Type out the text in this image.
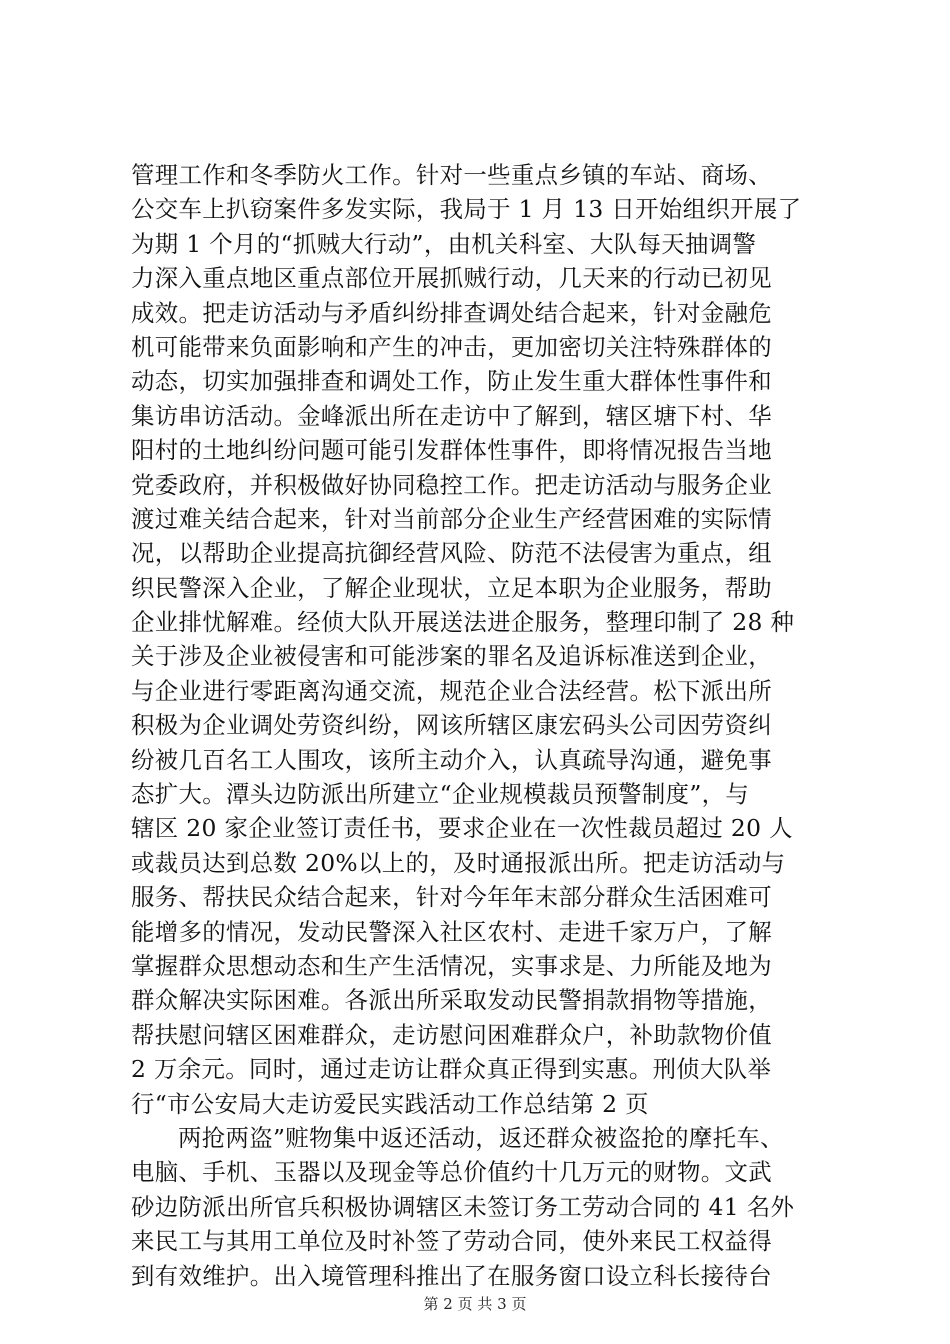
管理工作和冬季防火工作。针对一些重点乡镇的车站、商场、
公交车上扒窃案件多发实际，我局于 1 月 13 日开始组织开展了
为期 1 个月的“抓贼大行动”，由机关科室、大队每天抽调警
力深入重点地区重点部位开展抓贼行动，几天来的行动已初见
成效。把走访活动与矛盾纠纷排查调处结合起来，针对金融危
机可能带来负面影响和产生的冲击，更加密切关注特殊群体的
动态，切实加强排查和调处工作，防止发生重大群体性事件和
集访串访活动。金峰派出所在走访中了解到，辖区塘下村、华
阳村的土地纠纷问题可能引发群体性事件，即将情况报告当地
党委政府，并积极做好协同稳控工作。把走访活动与服务企业
渡过难关结合起来，针对当前部分企业生产经营困难的实际情
况，以帮助企业提高抗御经营风险、防范不法侵害为重点，组
织民警深入企业，了解企业现状，立足本职为企业服务，帮助
企业排忧解难。经侦大队开展送法进企服务，整理印制了 28 种
关于涉及企业被侵害和可能涉案的罪名及追诉标准送到企业，
与企业进行零距离沟通交流，规范企业合法经营。松下派出所
积极为企业调处劳资纠纷，网该所辖区康宏码头公司因劳资纠
纷被几百名工人围攻，该所主动介入，认真疏导沟通，避免事
态扩大。潭头边防派出所建立“企业规模裁员预警制度”，与
辖区 20 家企业签订责任书，要求企业在一次性裁员超过 20 人
或裁员达到总数 20%以上的，及时通报派出所。把走访活动与
服务、帮扶民众结合起来，针对今年年末部分群众生活困难可
能增多的情况，发动民警深入社区农村、走进千家万户，了解
掌握群众思想动态和生产生活情况，实事求是、力所能及地为
群众解决实际困难。各派出所采取发动民警捐款捐物等措施，
帮扶慰问辖区困难群众，走访慰问困难群众户，补助款物价值
2 万余元。同时，通过走访让群众真正得到实惠。刑侦大队举
行“市公安局大走访爱民实践活动工作总结第 2 页
两抢两盗”赃物集中返还活动，返还群众被盗抢的摩托车、
电脑、手机、玉器以及现金等总价值约十几万元的财物。文武
砂边防派出所官兵积极协调辖区未签订务工劳动合同的 41 名外
来民工与其用工单位及时补签了劳动合同，使外来民工权益得
到有效维护。出入境管理科推出了在服务窗口设立科长接待台
第 2 页 共 3 页
